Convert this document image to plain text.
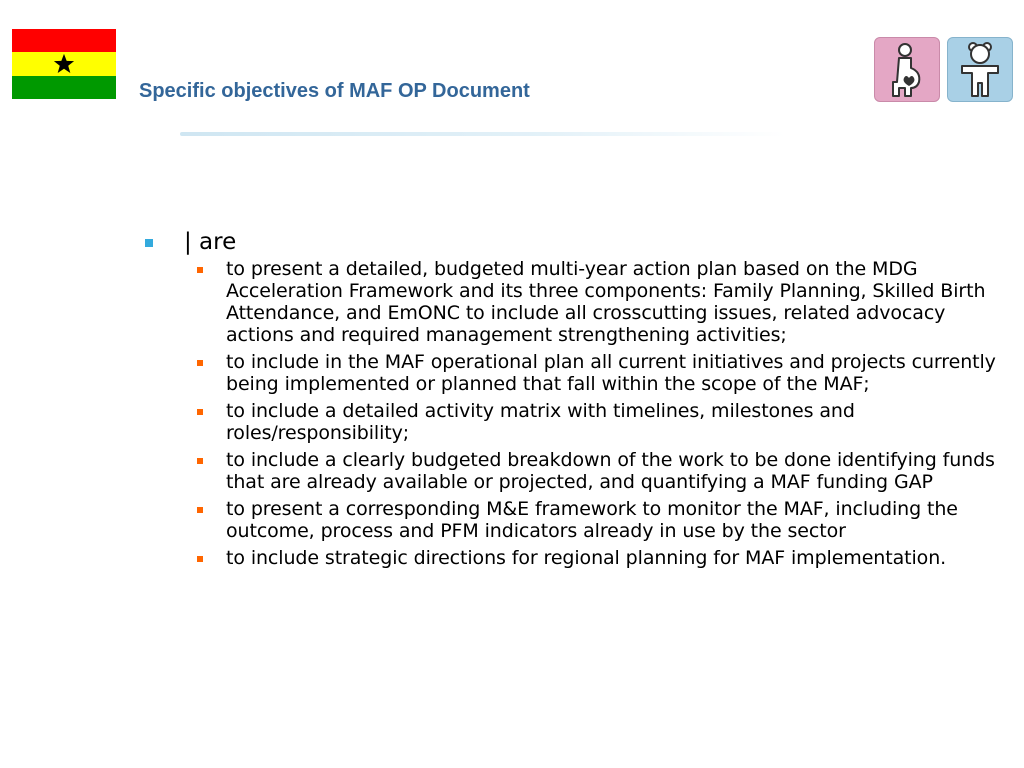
Specific objectives of MAF OP Document
| are
to present a detailed, budgeted multi-year action plan based on the MDG Acceleration Framework and its three components: Family Planning, Skilled Birth Attendance, and EmONC to include all crosscutting issues, related advocacy actions and required management strengthening activities;
to include in the MAF operational plan all current initiatives and projects currently being implemented or planned that fall within the scope of the MAF;
to include a detailed activity matrix with timelines, milestones and roles/responsibility;
to include a clearly budgeted breakdown of the work to be done identifying funds that are already available or projected, and quantifying a MAF funding GAP
to present a corresponding M&E framework to monitor the MAF, including the outcome, process and PFM indicators already in use by the sector
to include strategic directions for regional planning for MAF implementation.
